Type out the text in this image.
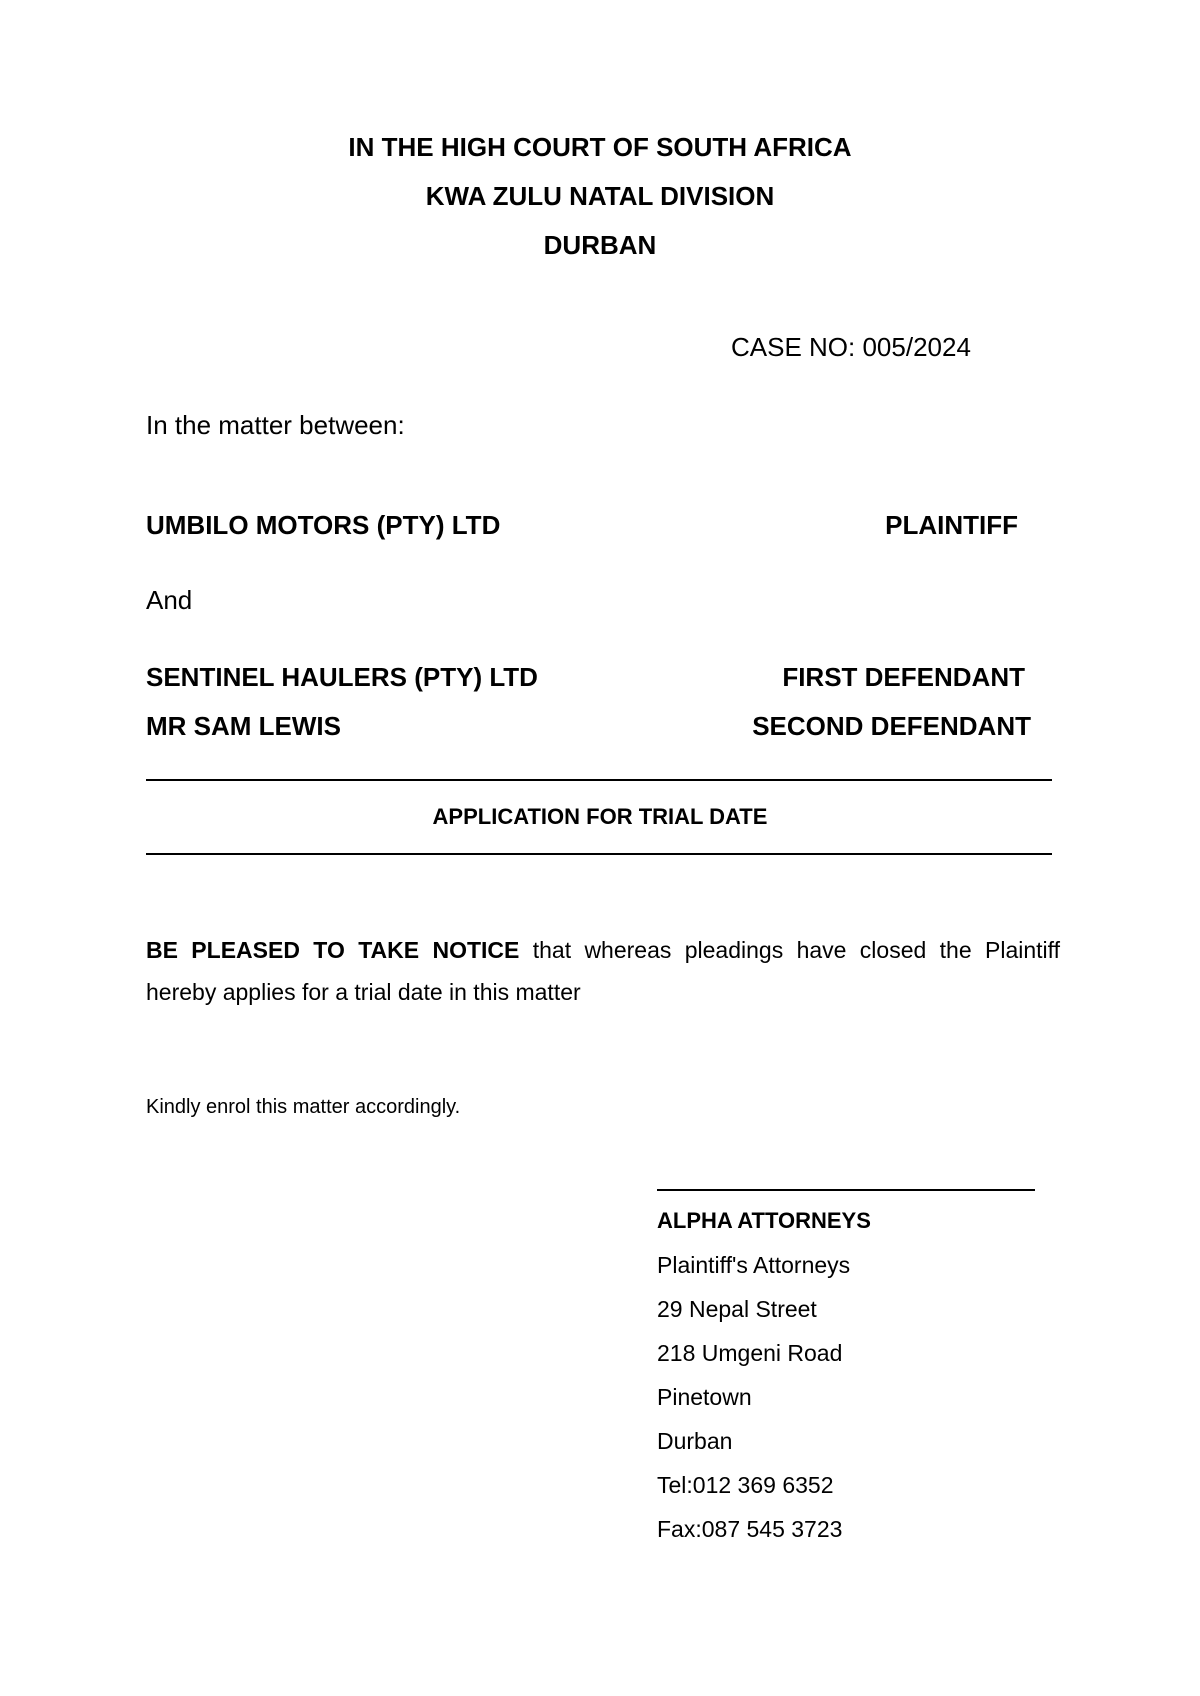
IN THE HIGH COURT OF SOUTH AFRICA
KWA ZULU NATAL DIVISION
DURBAN
CASE NO: 005/2024
In the matter between:
UMBILO MOTORS (PTY) LTD	PLAINTIFF
And
SENTINEL HAULERS (PTY) LTD	FIRST DEFENDANT
MR SAM LEWIS	SECOND DEFENDANT
APPLICATION FOR TRIAL DATE
BE PLEASED TO TAKE NOTICE that whereas pleadings have closed the Plaintiff hereby applies for a trial date in this matter
Kindly enrol this matter accordingly.
ALPHA ATTORNEYS
Plaintiff's Attorneys
29 Nepal Street
218 Umgeni Road
Pinetown
Durban
Tel:012 369 6352
Fax:087 545 3723
